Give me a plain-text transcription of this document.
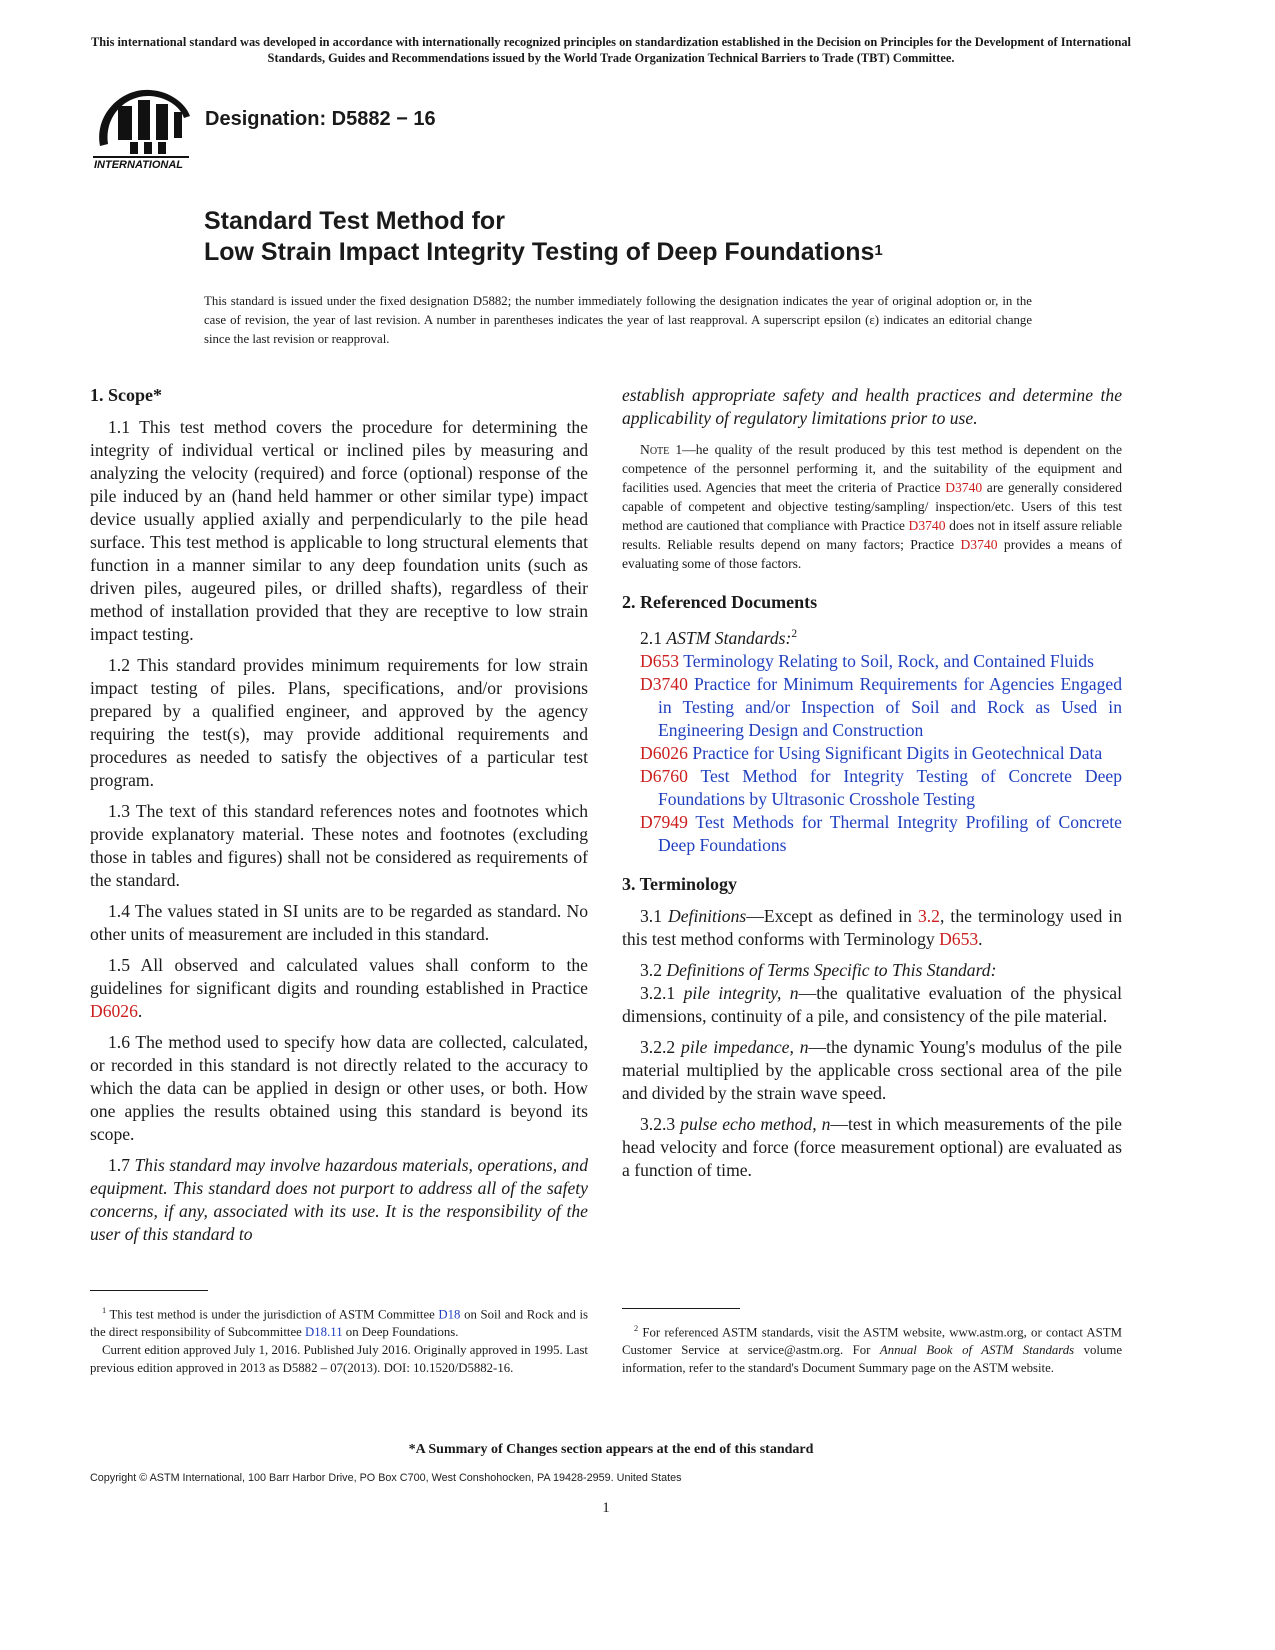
This international standard was developed in accordance with internationally recognized principles on standardization established in the Decision on Principles for the Development of International Standards, Guides and Recommendations issued by the World Trade Organization Technical Barriers to Trade (TBT) Committee.
INTERNATIONAL
Designation: D5882 − 16
Standard Test Method for
Low Strain Impact Integrity Testing of Deep Foundations$^1$
This standard is issued under the fixed designation D5882; the number immediately following the designation indicates the year of original adoption or, in the case of revision, the year of last revision. A number in parentheses indicates the year of last reapproval. A superscript epsilon (ε) indicates an editorial change since the last revision or reapproval.
1. Scope*

1.1 This test method covers the procedure for determining the integrity of individual vertical or inclined piles by measuring and analyzing the velocity (required) and force (optional) response of the pile induced by an (hand held hammer or other similar type) impact device usually applied axially and perpendicularly to the pile head surface. This test method is applicable to long structural elements that function in a manner similar to any deep foundation units (such as driven piles, augeured piles, or drilled shafts), regardless of their method of installation provided that they are receptive to low strain impact testing.

1.2 This standard provides minimum requirements for low strain impact testing of piles. Plans, specifications, and/or provisions prepared by a qualified engineer, and approved by the agency requiring the test(s), may provide additional requirements and procedures as needed to satisfy the objectives of a particular test program.

1.3 The text of this standard references notes and footnotes which provide explanatory material. These notes and footnotes (excluding those in tables and figures) shall not be considered as requirements of the standard.

1.4 The values stated in SI units are to be regarded as standard. No other units of measurement are included in this standard.

1.5 All observed and calculated values shall conform to the guidelines for significant digits and rounding established in Practice D6026.

1.6 The method used to specify how data are collected, calculated, or recorded in this standard is not directly related to the accuracy to which the data can be applied in design or other uses, or both. How one applies the results obtained using this standard is beyond its scope.

1.7 This standard may involve hazardous materials, operations, and equipment. This standard does not purport to address all of the safety concerns, if any, associated with its use. It is the responsibility of the user of this standard to

establish appropriate safety and health practices and determine the applicability of regulatory limitations prior to use.

Note 1—he quality of the result produced by this test method is dependent on the competence of the personnel performing it, and the suitability of the equipment and facilities used. Agencies that meet the criteria of Practice D3740 are generally considered capable of competent and objective testing/sampling/ inspection/etc. Users of this test method are cautioned that compliance with Practice D3740 does not in itself assure reliable results. Reliable results depend on many factors; Practice D3740 provides a means of evaluating some of those factors.
2. Referenced Documents

2.1 ASTM Standards:$^2$

D653 Terminology Relating to Soil, Rock, and Contained Fluids
D3740 Practice for Minimum Requirements for Agencies Engaged in Testing and/or Inspection of Soil and Rock as Used in Engineering Design and Construction
D6026 Practice for Using Significant Digits in Geotechnical Data
D6760 Test Method for Integrity Testing of Concrete Deep Foundations by Ultrasonic Crosshole Testing
D7949 Test Methods for Thermal Integrity Profiling of Concrete Deep Foundations
3. Terminology

3.1 Definitions—Except as defined in 3.2, the terminology used in this test method conforms with Terminology D653.

3.2 Definitions of Terms Specific to This Standard:

3.2.1 pile integrity, n—the qualitative evaluation of the physical dimensions, continuity of a pile, and consistency of the pile material.

3.2.2 pile impedance, n—the dynamic Young's modulus of the pile material multiplied by the applicable cross sectional area of the pile and divided by the strain wave speed.

3.2.3 pulse echo method, n—test in which measurements of the pile head velocity and force (force measurement optional) are evaluated as a function of time.

$^1$ This test method is under the jurisdiction of ASTM Committee D18 on Soil and Rock and is the direct responsibility of Subcommittee D18.11 on Deep Foundations.

Current edition approved July 1, 2016. Published July 2016. Originally approved in 1995. Last previous edition approved in 2013 as D5882 – 07(2013). DOI: 10.1520/D5882-16.

$^2$ For referenced ASTM standards, visit the ASTM website, www.astm.org, or contact ASTM Customer Service at service@astm.org. For Annual Book of ASTM Standards volume information, refer to the standard's Document Summary page on the ASTM website.

*A Summary of Changes section appears at the end of this standard
Copyright © ASTM International, 100 Barr Harbor Drive, PO Box C700, West Conshohocken, PA 19428-2959. United States
1
